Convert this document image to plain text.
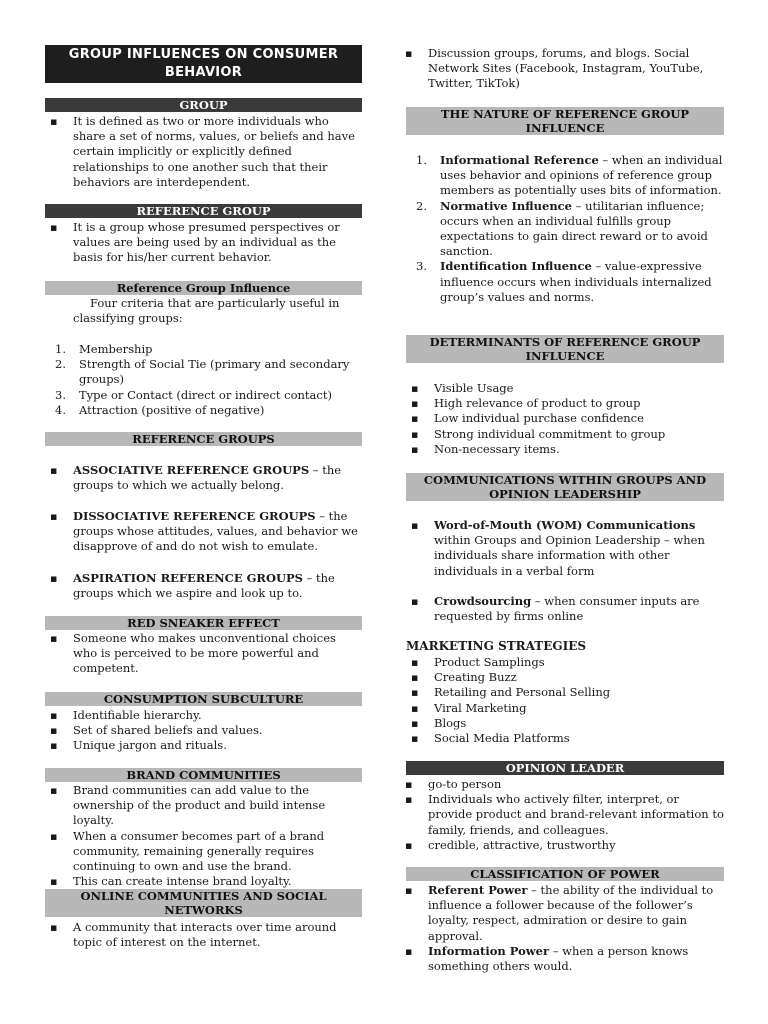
GROUP INFLUENCES ON CONSUMER BEHAVIOR
GROUP
▪ It is defined as two or more individuals who share a set of norms, values, or beliefs and have certain implicitly or explicitly defined relationships to one another such that their behaviors are interdependent.
REFERENCE GROUP
▪ It is a group whose presumed perspectives or values are being used by an individual as the basis for his/her current behavior.
Reference Group Influence
Four criteria that are particularly useful in classifying groups:
1. Membership
2. Strength of Social Tie (primary and secondary groups)
3. Type or Contact (direct or indirect contact)
4. Attraction (positive of negative)
REFERENCE GROUPS
▪ ASSOCIATIVE REFERENCE GROUPS – the groups to which we actually belong.
▪ DISSOCIATIVE REFERENCE GROUPS – the groups whose attitudes, values, and behavior we disapprove of and do not wish to emulate.
▪ ASPIRATION REFERENCE GROUPS – the groups which we aspire and look up to.
RED SNEAKER EFFECT
▪ Someone who makes unconventional choices who is perceived to be more powerful and competent.
CONSUMPTION SUBCULTURE
▪ Identifiable hierarchy.
▪ Set of shared beliefs and values.
▪ Unique jargon and rituals.
BRAND COMMUNITIES
▪ Brand communities can add value to the ownership of the product and build intense loyalty.
▪ When a consumer becomes part of a brand community, remaining generally requires continuing to own and use the brand.
▪ This can create intense brand loyalty.
ONLINE COMMUNITIES AND SOCIAL NETWORKS
▪ A community that interacts over time around topic of interest on the internet.
▪ Discussion groups, forums, and blogs. Social Network Sites (Facebook, Instagram, YouTube, Twitter, TikTok)
THE NATURE OF REFERENCE GROUP INFLUENCE
1. Informational Reference – when an individual uses behavior and opinions of reference group members as potentially uses bits of information.
2. Normative Influence – utilitarian influence; occurs when an individual fulfills group expectations to gain direct reward or to avoid sanction.
3. Identification Influence – value-expressive influence occurs when individuals internalized group’s values and norms.
DETERMINANTS OF REFERENCE GROUP INFLUENCE
▪ Visible Usage
▪ High relevance of product to group
▪ Low individual purchase confidence
▪ Strong individual commitment to group
▪ Non-necessary items.
COMMUNICATIONS WITHIN GROUPS AND OPINION LEADERSHIP
▪ Word-of-Mouth (WOM) Communications within Groups and Opinion Leadership – when individuals share information with other individuals in a verbal form
▪ Crowdsourcing – when consumer inputs are requested by firms online
MARKETING STRATEGIES
▪ Product Samplings
▪ Creating Buzz
▪ Retailing and Personal Selling
▪ Viral Marketing
▪ Blogs
▪ Social Media Platforms
OPINION LEADER
▪ go-to person
▪ Individuals who actively filter, interpret, or provide product and brand-relevant information to family, friends, and colleagues.
▪ credible, attractive, trustworthy
CLASSIFICATION OF POWER
▪ Referent Power – the ability of the individual to influence a follower because of the follower’s loyalty, respect, admiration or desire to gain approval.
▪ Information Power – when a person knows something others would.
